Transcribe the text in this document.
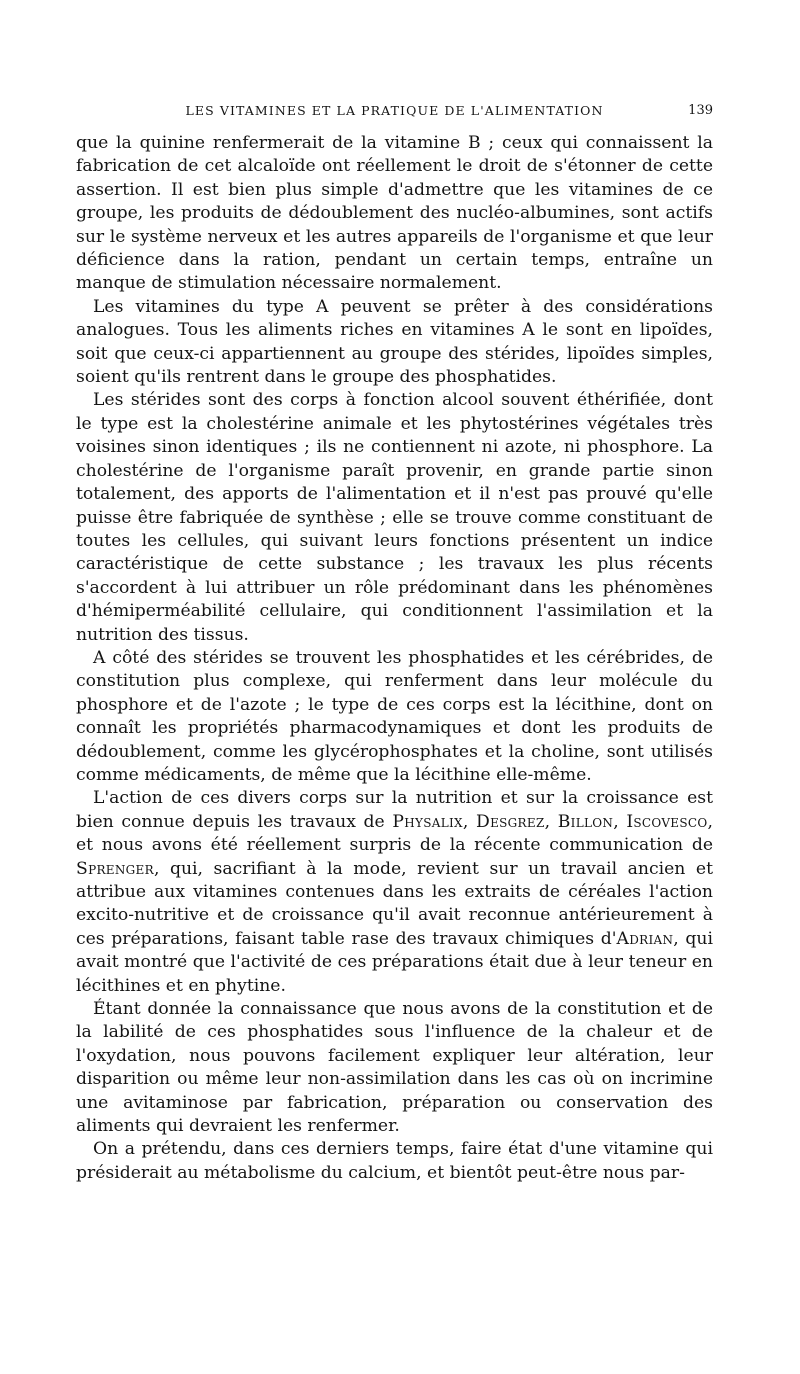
LES VITAMINES ET LA PRATIQUE DE L'ALIMENTATION	139

que la quinine renfermerait de la vitamine B ; ceux qui connaissent la fabrication de cet alcaloïde ont réellement le droit de s'étonner de cette assertion. Il est bien plus simple d'admettre que les vitamines de ce groupe, les produits de dédoublement des nucléo-albumines, sont actifs sur le système nerveux et les autres appareils de l'organisme et que leur déficience dans la ration, pendant un certain temps, entraîne un manque de stimulation nécessaire normalement.

Les vitamines du type A peuvent se prêter à des considérations analogues. Tous les aliments riches en vitamines A le sont en lipoïdes, soit que ceux-ci appartiennent au groupe des stérides, lipoïdes simples, soient qu'ils rentrent dans le groupe des phosphatides.

Les stérides sont des corps à fonction alcool souvent éthérifiée, dont le type est la cholestérine animale et les phytostérines végétales très voisines sinon identiques ; ils ne contiennent ni azote, ni phosphore. La cholestérine de l'organisme paraît provenir, en grande partie sinon totalement, des apports de l'alimentation et il n'est pas prouvé qu'elle puisse être fabriquée de synthèse ; elle se trouve comme constituant de toutes les cellules, qui suivant leurs fonctions présentent un indice caractéristique de cette substance ; les travaux les plus récents s'accordent à lui attribuer un rôle prédominant dans les phénomènes d'hémiperméabilité cellulaire, qui conditionnent l'assimilation et la nutrition des tissus.

A côté des stérides se trouvent les phosphatides et les cérébrides, de constitution plus complexe, qui renferment dans leur molécule du phosphore et de l'azote ; le type de ces corps est la lécithine, dont on connaît les propriétés pharmacodynamiques et dont les produits de dédoublement, comme les glycérophosphates et la choline, sont utilisés comme médicaments, de même que la lécithine elle-même.

L'action de ces divers corps sur la nutrition et sur la croissance est bien connue depuis les travaux de Physalix, Desgrez, Billon, Iscovesco, et nous avons été réellement surpris de la récente communication de Sprenger, qui, sacrifiant à la mode, revient sur un travail ancien et attribue aux vitamines contenues dans les extraits de céréales l'action excito-nutritive et de croissance qu'il avait reconnue antérieurement à ces préparations, faisant table rase des travaux chimiques d'Adrian, qui avait montré que l'activité de ces préparations était due à leur teneur en lécithines et en phytine.

Étant donnée la connaissance que nous avons de la constitution et de la labilité de ces phosphatides sous l'influence de la chaleur et de l'oxydation, nous pouvons facilement expliquer leur altération, leur disparition ou même leur non-assimilation dans les cas où on incrimine une avitaminose par fabrication, préparation ou conservation des aliments qui devraient les renfermer.

On a prétendu, dans ces derniers temps, faire état d'une vitamine qui présiderait au métabolisme du calcium, et bientôt peut-être nous par-
